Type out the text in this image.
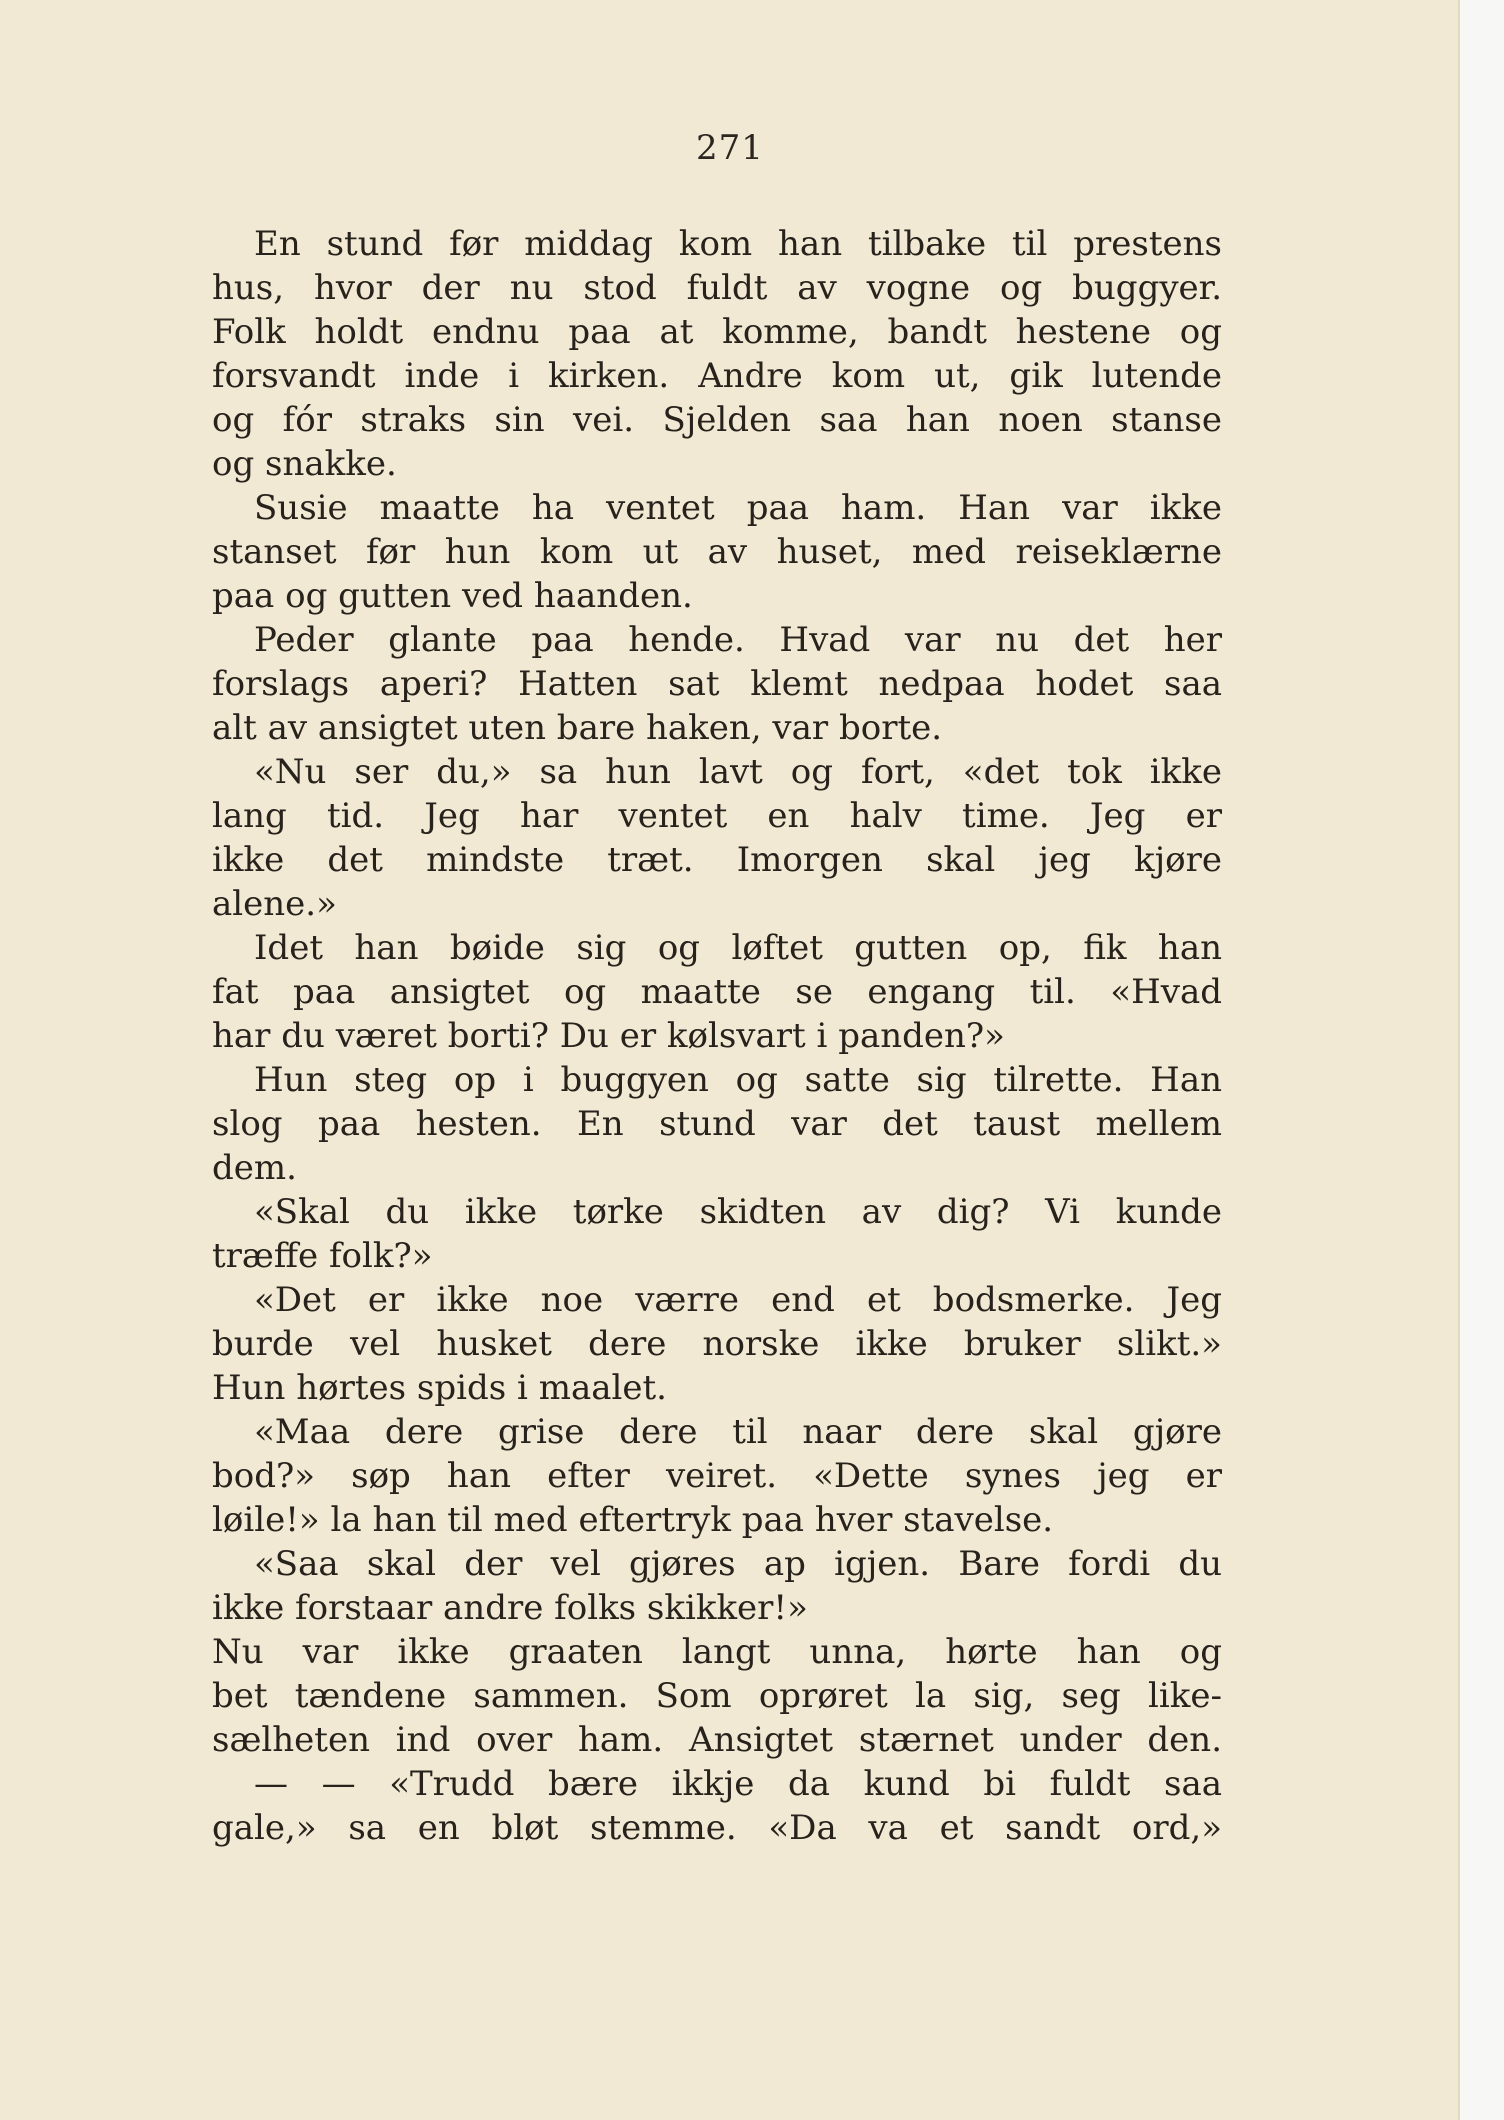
271
En stund før middag kom han tilbake til prestens
hus, hvor der nu stod fuldt av vogne og buggyer.
Folk holdt endnu paa at komme, bandt hestene og
forsvandt inde i kirken. Andre kom ut, gik lutende
og fór straks sin vei. Sjelden saa han noen stanse
og snakke.
Susie maatte ha ventet paa ham. Han var ikke
stanset før hun kom ut av huset, med reiseklærne
paa og gutten ved haanden.
Peder glante paa hende. Hvad var nu det her
forslags aperi? Hatten sat klemt nedpaa hodet saa
alt av ansigtet uten bare haken, var borte.
«Nu ser du,» sa hun lavt og fort, «det tok ikke
lang tid. Jeg har ventet en halv time. Jeg er
ikke det mindste træt. Imorgen skal jeg kjøre
alene.»
Idet han bøide sig og løftet gutten op, fik han
fat paa ansigtet og maatte se engang til. «Hvad
har du været borti? Du er kølsvart i panden?»
Hun steg op i buggyen og satte sig tilrette. Han
slog paa hesten. En stund var det taust mellem
dem.
«Skal du ikke tørke skidten av dig? Vi kunde
træffe folk?»
«Det er ikke noe værre end et bodsmerke. Jeg
burde vel husket dere norske ikke bruker slikt.»
Hun hørtes spids i maalet.
«Maa dere grise dere til naar dere skal gjøre
bod?» søp han efter veiret. «Dette synes jeg er
løile!» la han til med eftertryk paa hver stavelse.
«Saa skal der vel gjøres ap igjen. Bare fordi du
ikke forstaar andre folks skikker!»
Nu var ikke graaten langt unna, hørte han og
bet tændene sammen. Som oprøret la sig, seg like-
sælheten ind over ham. Ansigtet stærnet under den.
— — «Trudd bære ikkje da kund bi fuldt saa
gale,» sa en bløt stemme. «Da va et sandt ord,»
